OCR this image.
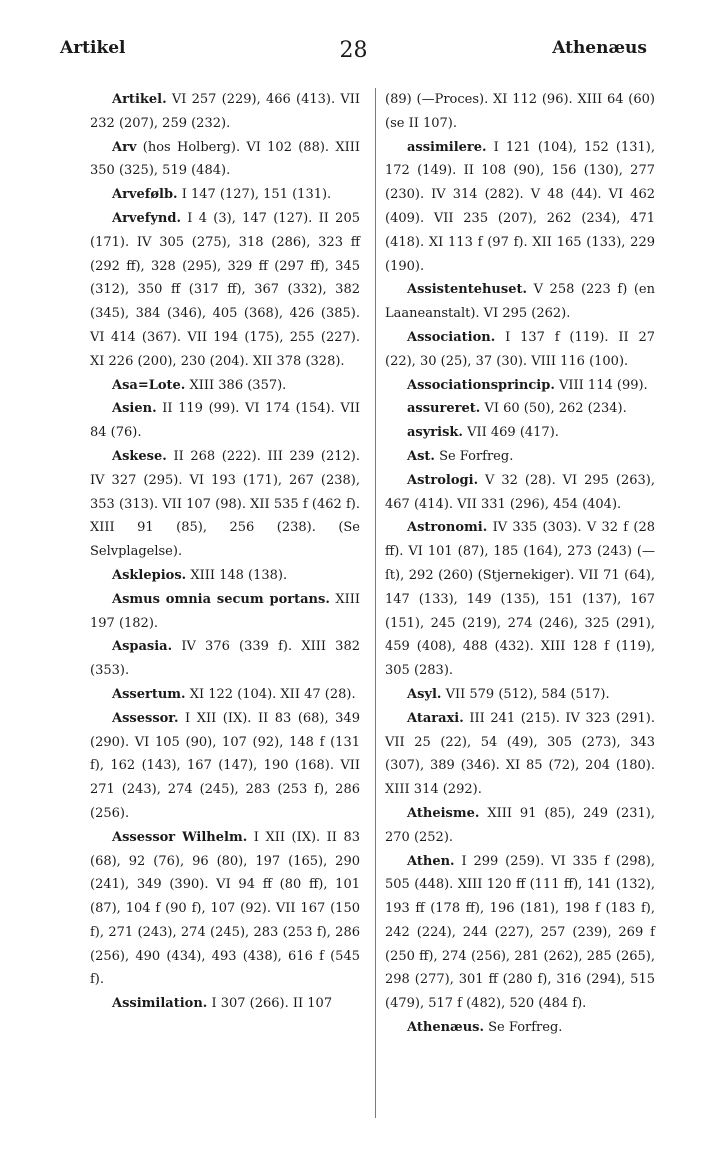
Artikel	28	Athenæus

Artikel. VI 257 (229), 466 (413). VII 232 (207), 259 (232).

Arv (hos Holberg). VI 102 (88). XIII 350 (325), 519 (484).

Arvefølb. I 147 (127), 151 (131).

Arvefynd. I 4 (3), 147 (127). II 205 (171). IV 305 (275), 318 (286), 323 ff (292 ff), 328 (295), 329 ff (297 ff), 345 (312), 350 ff (317 ff), 367 (332), 382 (345), 384 (346), 405 (368), 426 (385). VI 414 (367). VII 194 (175), 255 (227). XI 226 (200), 230 (204). XII 378 (328).

Asa=Lote. XIII 386 (357).

Asien. II 119 (99). VI 174 (154). VII 84 (76).

Askese. II 268 (222). III 239 (212). IV 327 (295). VI 193 (171), 267 (238), 353 (313). VII 107 (98). XII 535 f (462 f). XIII 91 (85), 256 (238). (Se Selvplagelse).

Asklepios. XIII 148 (138).

Asmus omnia secum portans. XIII 197 (182).

Aspasia. IV 376 (339 f). XIII 382 (353).

Assertum. XI 122 (104). XII 47 (28).

Assessor. I XII (IX). II 83 (68), 349 (290). VI 105 (90), 107 (92), 148 f (131 f), 162 (143), 167 (147), 190 (168). VII 271 (243), 274 (245), 283 (253 f), 286 (256).

Assessor Wilhelm. I XII (IX). II 83 (68), 92 (76), 96 (80), 197 (165), 290 (241), 349 (390). VI 94 ff (80 ff), 101 (87), 104 f (90 f), 107 (92). VII 167 (150 f), 271 (243), 274 (245), 283 (253 f), 286 (256), 490 (434), 493 (438), 616 f (545 f).

Assimilation. I 307 (266). II 107

(89) (—Proces). XI 112 (96). XIII 64 (60) (se II 107).

assimilere. I 121 (104), 152 (131), 172 (149). II 108 (90), 156 (130), 277 (230). IV 314 (282). V 48 (44). VI 462 (409). VII 235 (207), 262 (234), 471 (418). XI 113 f (97 f). XII 165 (133), 229 (190).

Assistentehuset. V 258 (223 f) (en Laaneanstalt). VI 295 (262).

Association. I 137 f (119). II 27 (22), 30 (25), 37 (30). VIII 116 (100).

Associationsprincip. VIII 114 (99).

assureret. VI 60 (50), 262 (234).

asyrisk. VII 469 (417).

Ast. Se Forfreg.

Astrologi. V 32 (28). VI 295 (263), 467 (414). VII 331 (296), 454 (404).

Astronomi. IV 335 (303). V 32 f (28 ff). VI 101 (87), 185 (164), 273 (243) (—ſt), 292 (260) (Stjernekiger). VII 71 (64), 147 (133), 149 (135), 151 (137), 167 (151), 245 (219), 274 (246), 325 (291), 459 (408), 488 (432). XIII 128 f (119), 305 (283).

Asyl. VII 579 (512), 584 (517).

Ataraxi. III 241 (215). IV 323 (291). VII 25 (22), 54 (49), 305 (273), 343 (307), 389 (346). XI 85 (72), 204 (180). XIII 314 (292).

Atheisme. XIII 91 (85), 249 (231), 270 (252).

Athen. I 299 (259). VI 335 f (298), 505 (448). XIII 120 ff (111 ff), 141 (132), 193 ff (178 ff), 196 (181), 198 f (183 f), 242 (224), 244 (227), 257 (239), 269 f (250 ff), 274 (256), 281 (262), 285 (265), 298 (277), 301 ff (280 f), 316 (294), 515 (479), 517 f (482), 520 (484 f).

Athenæus. Se Forfreg.
